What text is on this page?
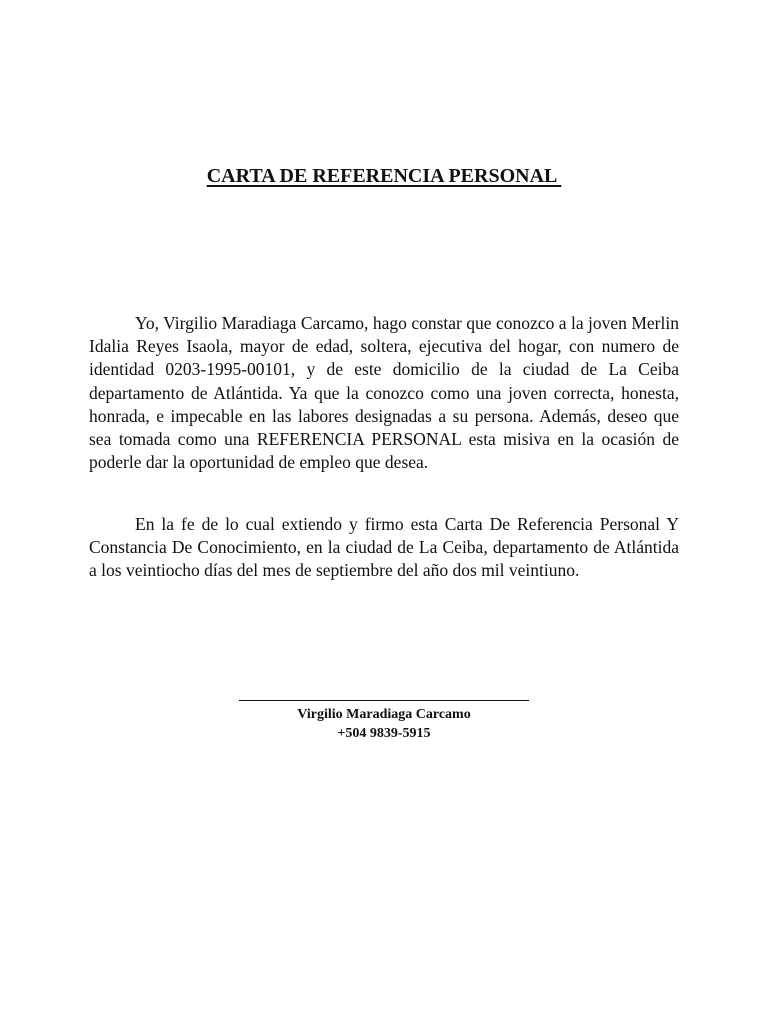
CARTA DE REFERENCIA PERSONAL

Yo, Virgilio Maradiaga Carcamo, hago constar que conozco a la joven Merlin Idalia Reyes Isaola, mayor de edad, soltera, ejecutiva del hogar, con numero de identidad 0203-1995-00101, y de este domicilio de la ciudad de La Ceiba departamento de Atlántida. Ya que la conozco como una joven correcta, honesta, honrada, e impecable en las labores designadas a su persona. Además, deseo que sea tomada como una REFERENCIA PERSONAL esta misiva en la ocasión de poderle dar la oportunidad de empleo que desea.

En la fe de lo cual extiendo y firmo esta Carta De Referencia Personal Y Constancia De Conocimiento, en la ciudad de La Ceiba, departamento de Atlántida a los veintiocho días del mes de septiembre del año dos mil veintiuno.

Virgilio Maradiaga Carcamo
+504 9839-5915
